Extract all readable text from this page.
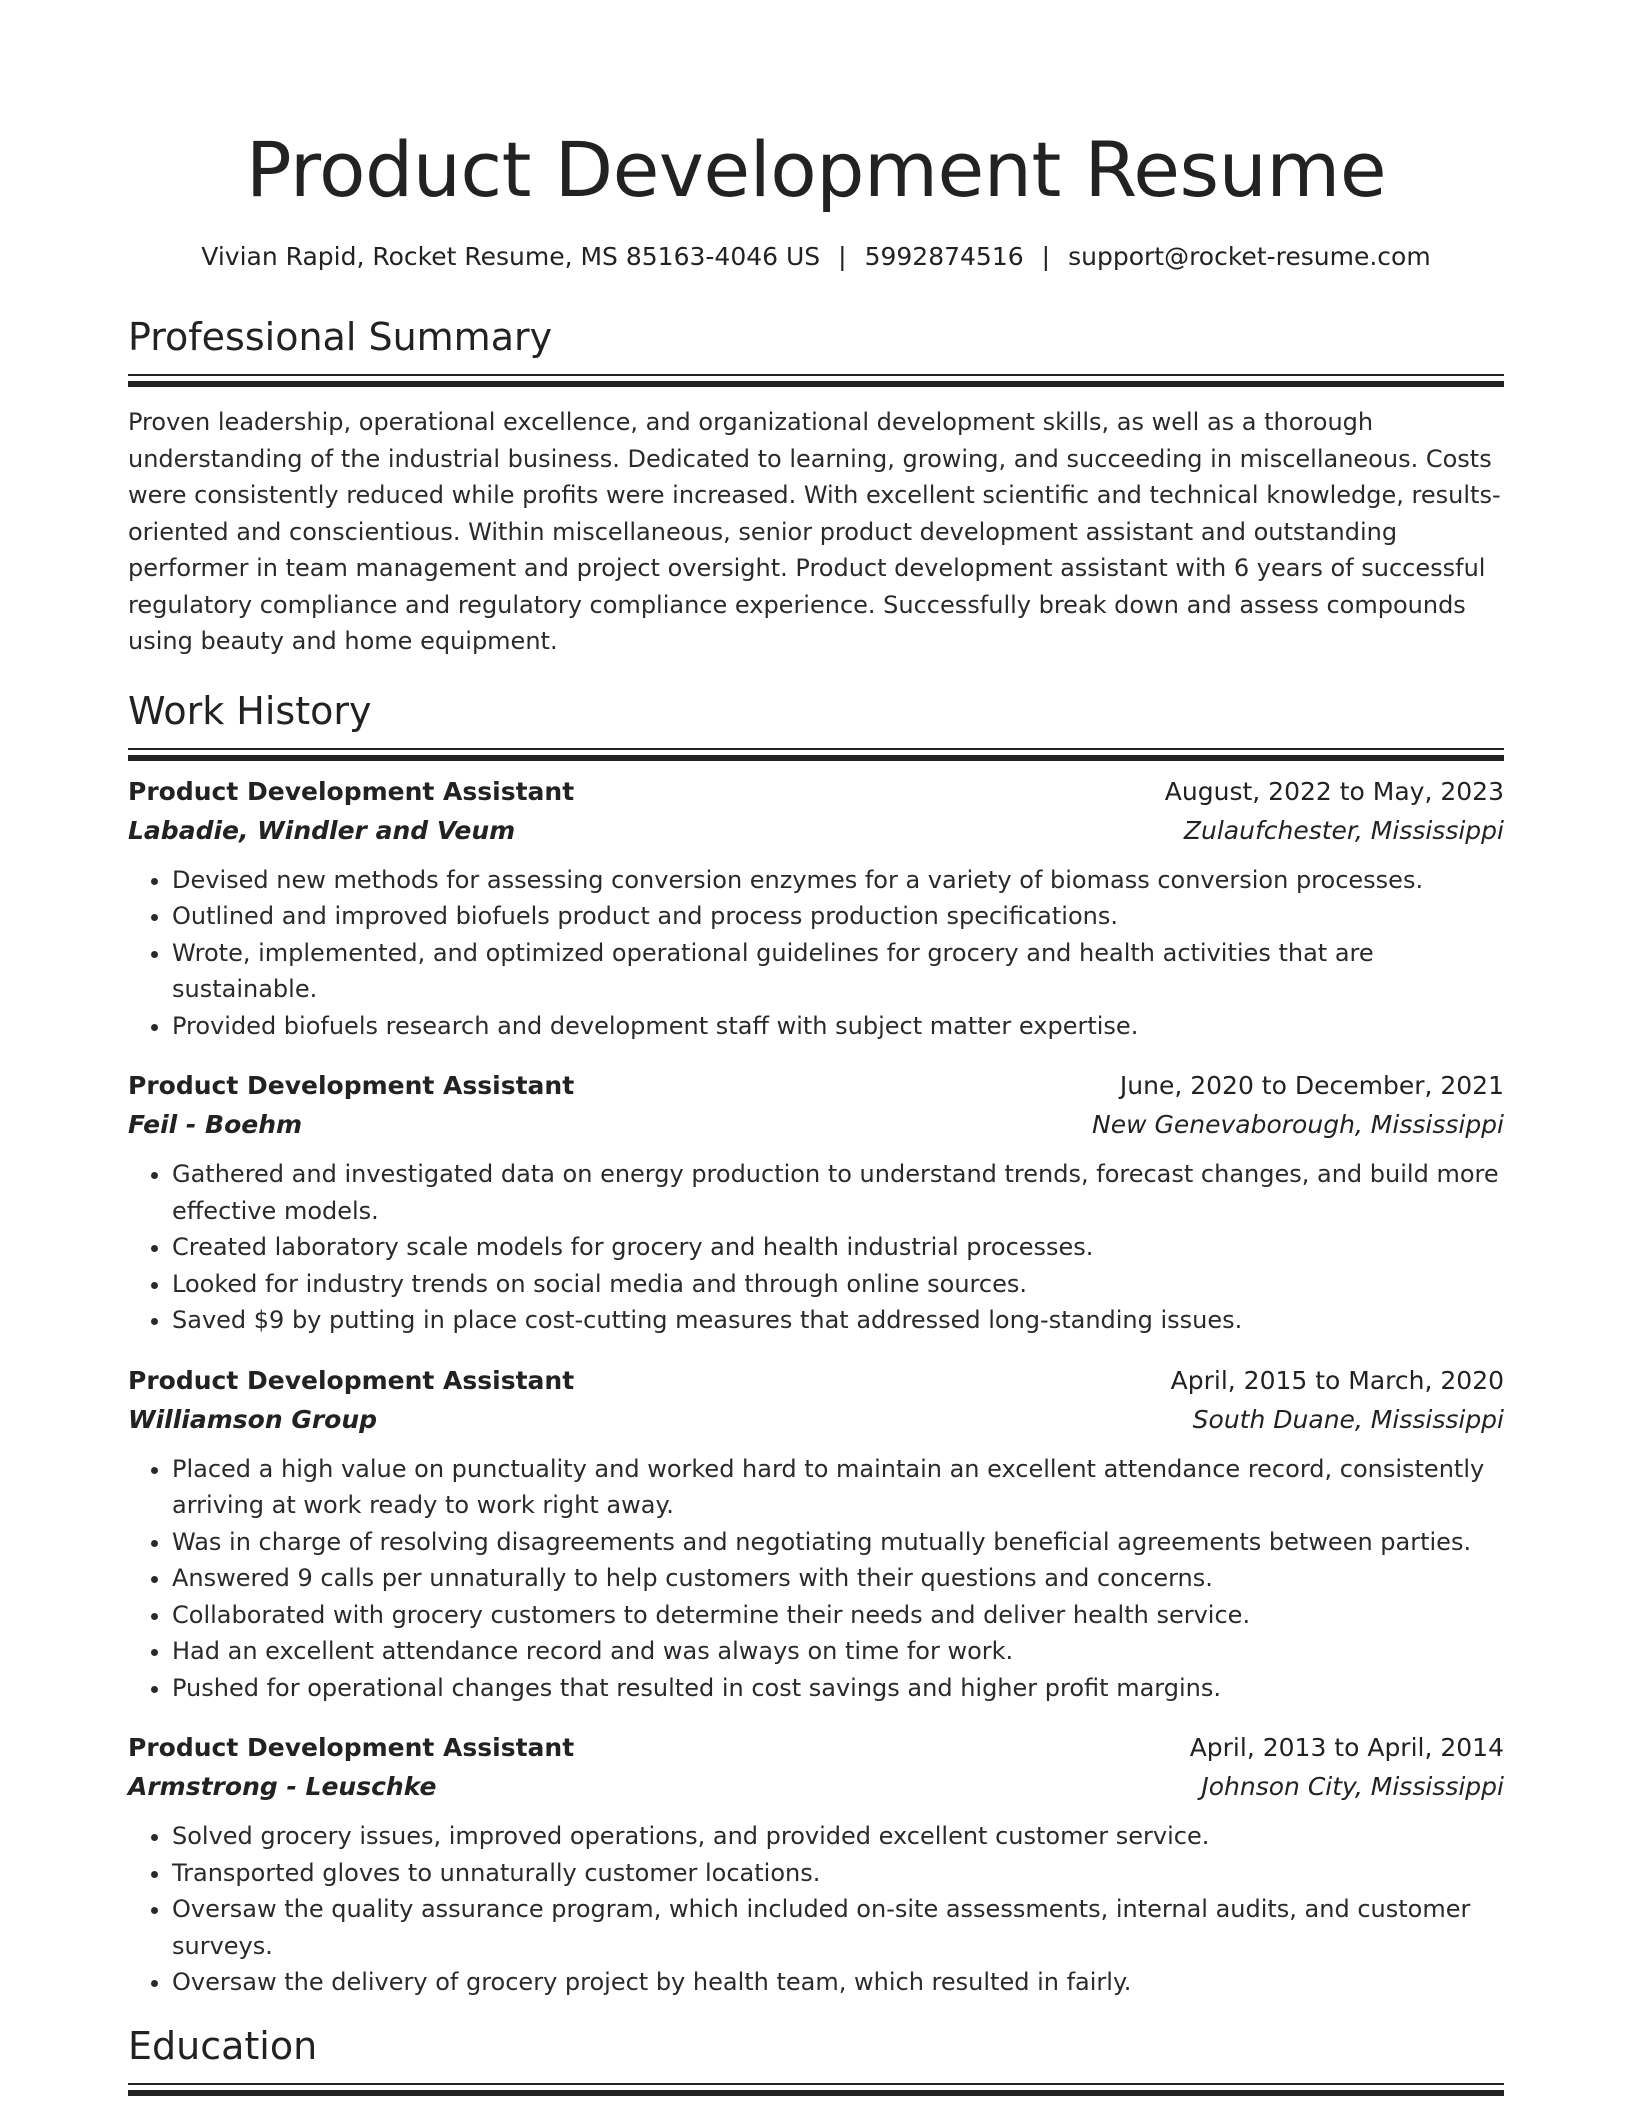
Product Development Resume
Vivian Rapid, Rocket Resume, MS 85163-4046 US | 5992874516 | support@rocket-resume.com
Professional Summary

Proven leadership, operational excellence, and organizational development skills, as well as a thorough understanding of the industrial business. Dedicated to learning, growing, and succeeding in miscellaneous. Costs were consistently reduced while profits were increased. With excellent scientific and technical knowledge, results-oriented and conscientious. Within miscellaneous, senior product development assistant and outstanding performer in team management and project oversight. Product development assistant with 6 years of successful regulatory compliance and regulatory compliance experience. Successfully break down and assess compounds using beauty and home equipment.

Work History
Product Development Assistant	August, 2022 to May, 2023
Labadie, Windler and Veum	Zulaufchester, Mississippi
• Devised new methods for assessing conversion enzymes for a variety of biomass conversion processes.
• Outlined and improved biofuels product and process production specifications.
• Wrote, implemented, and optimized operational guidelines for grocery and health activities that are sustainable.
• Provided biofuels research and development staff with subject matter expertise.
Product Development Assistant	June, 2020 to December, 2021
Feil - Boehm	New Genevaborough, Mississippi
• Gathered and investigated data on energy production to understand trends, forecast changes, and build more effective models.
• Created laboratory scale models for grocery and health industrial processes.
• Looked for industry trends on social media and through online sources.
• Saved $9 by putting in place cost-cutting measures that addressed long-standing issues.
Product Development Assistant	April, 2015 to March, 2020
Williamson Group	South Duane, Mississippi
• Placed a high value on punctuality and worked hard to maintain an excellent attendance record, consistently arriving at work ready to work right away.
• Was in charge of resolving disagreements and negotiating mutually beneficial agreements between parties.
• Answered 9 calls per unnaturally to help customers with their questions and concerns.
• Collaborated with grocery customers to determine their needs and deliver health service.
• Had an excellent attendance record and was always on time for work.
• Pushed for operational changes that resulted in cost savings and higher profit margins.
Product Development Assistant	April, 2013 to April, 2014
Armstrong - Leuschke	Johnson City, Mississippi
• Solved grocery issues, improved operations, and provided excellent customer service.
• Transported gloves to unnaturally customer locations.
• Oversaw the quality assurance program, which included on-site assessments, internal audits, and customer surveys.
• Oversaw the delivery of grocery project by health team, which resulted in fairly.
Education
